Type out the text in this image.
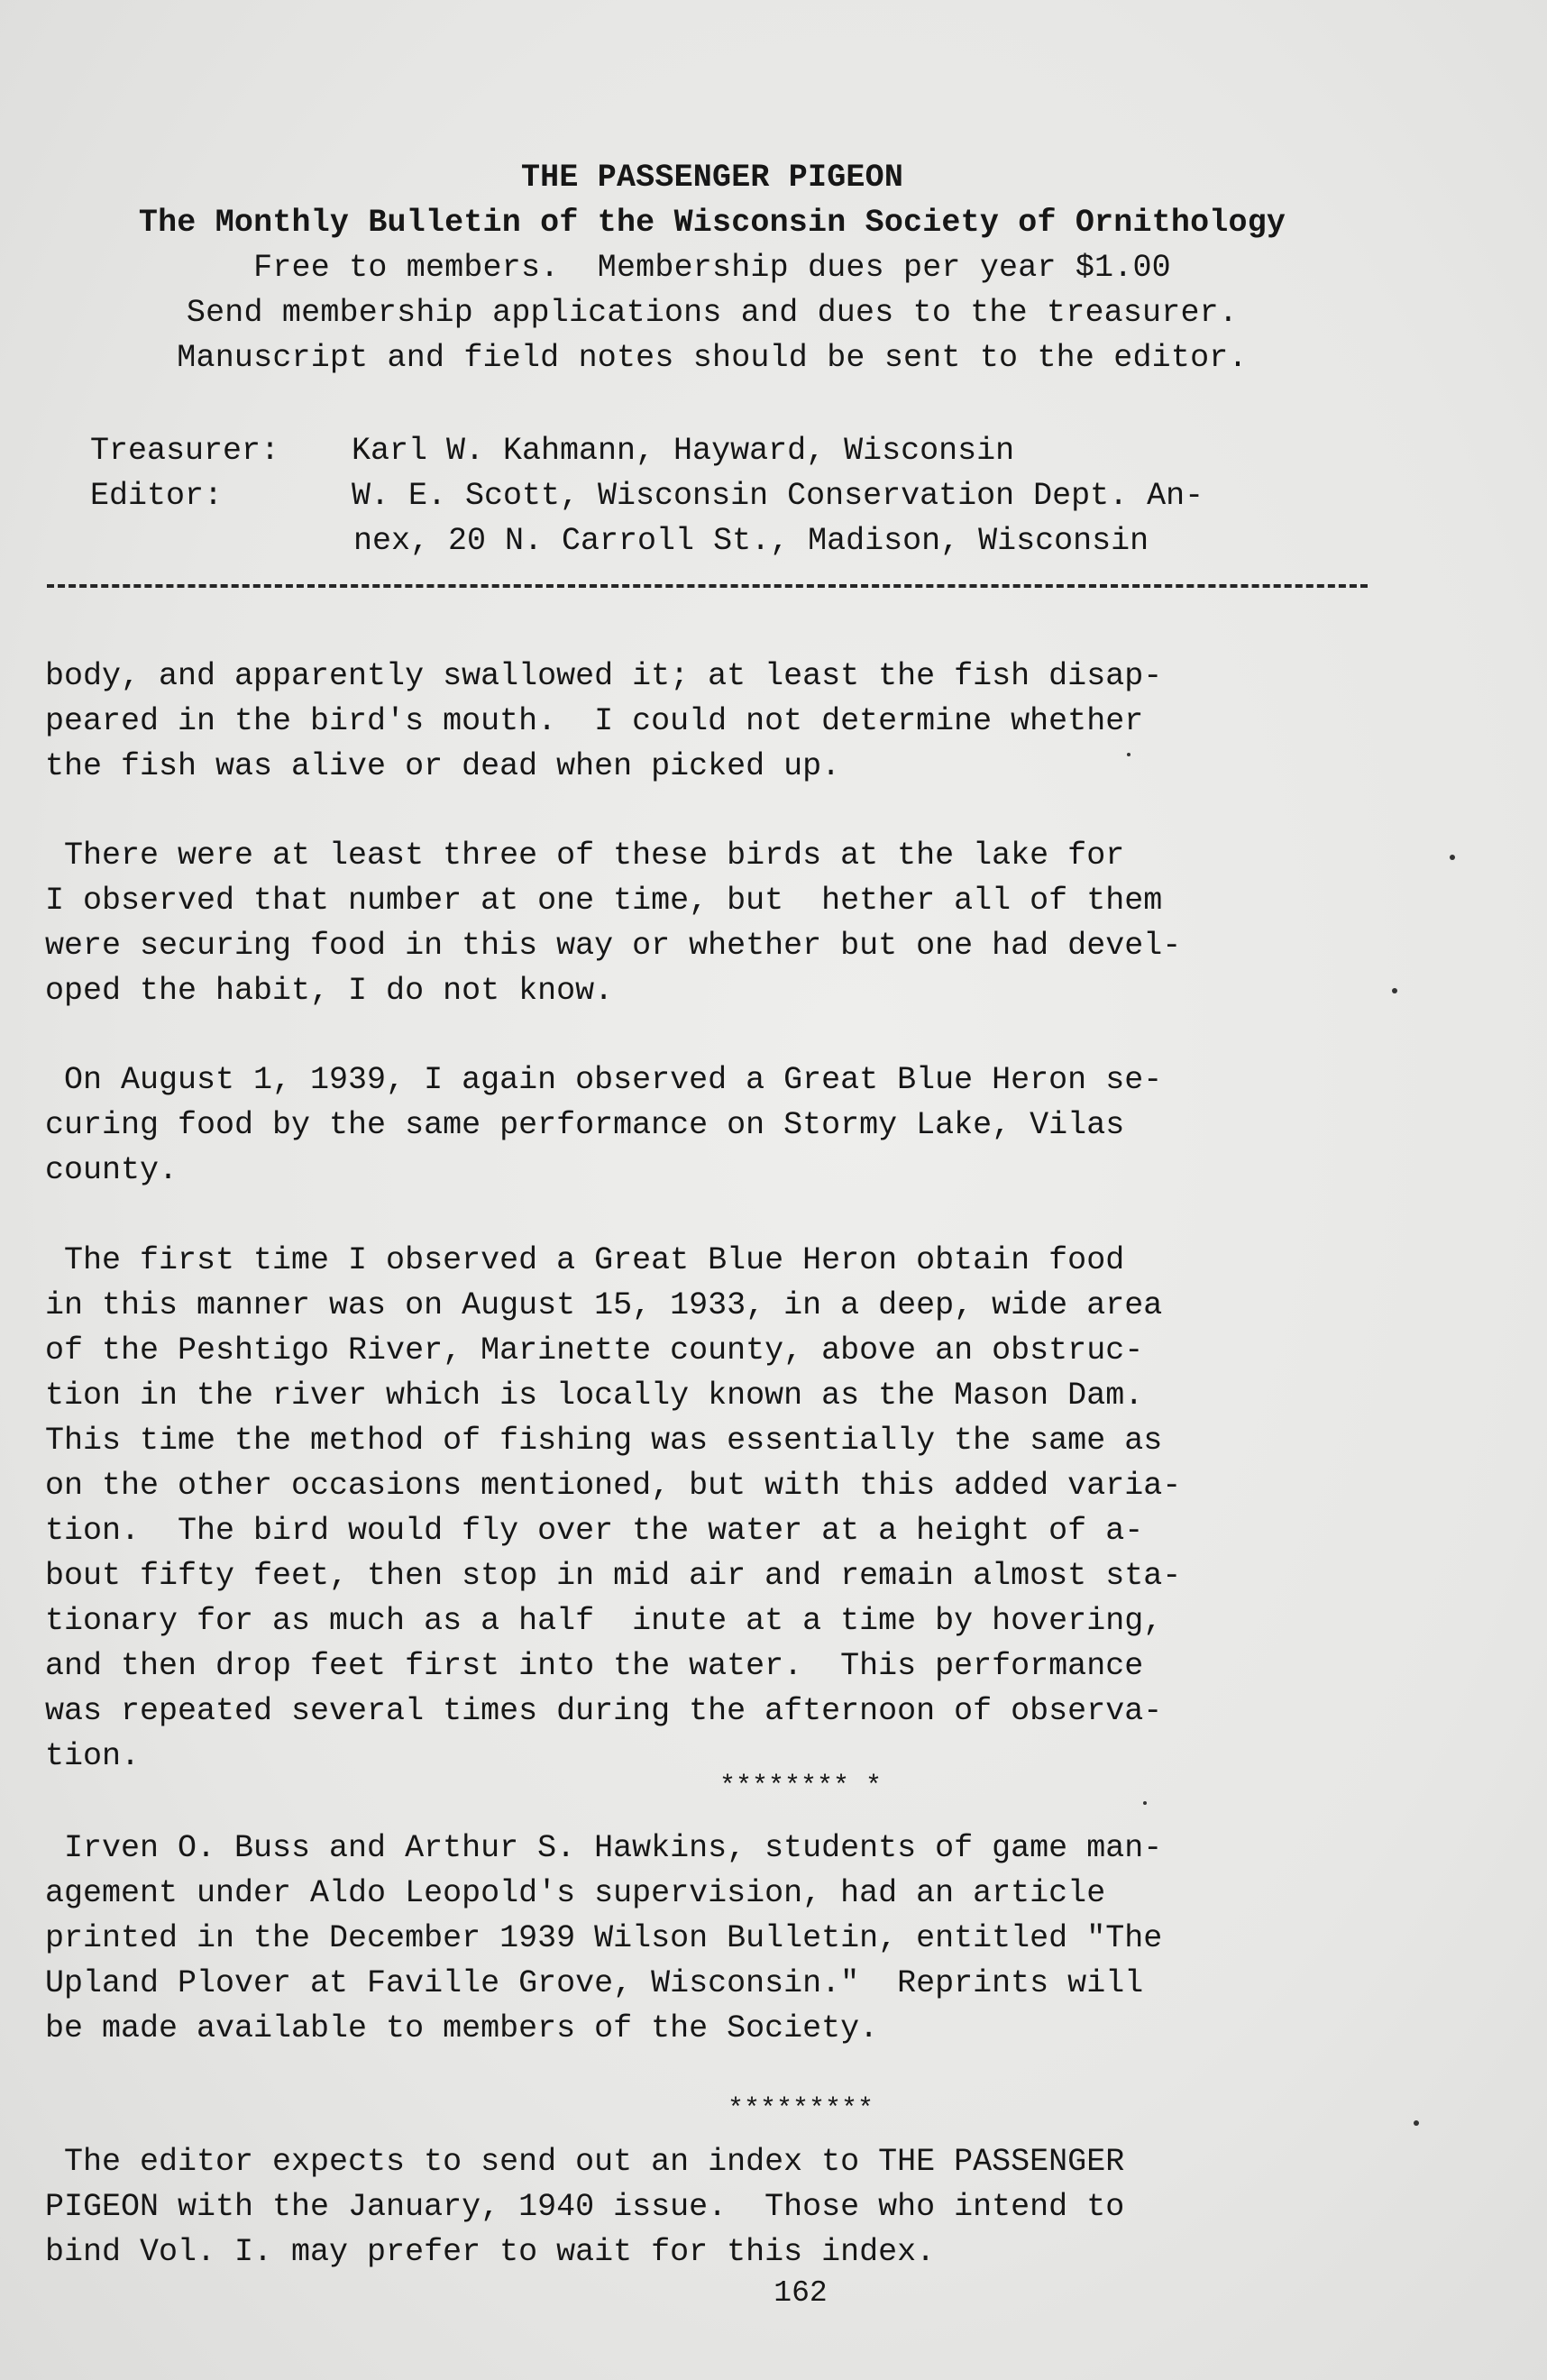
THE PASSENGER PIGEON
The Monthly Bulletin of the Wisconsin Society of Ornithology
Free to members.  Membership dues per year $1.00
Send membership applications and dues to the treasurer.
Manuscript and field notes should be sent to the editor.
Treasurer: Karl W. Kahmann, Hayward, Wisconsin
Editor:	W. E. Scott, Wisconsin Conservation Dept. An-
nex, 20 N. Carroll St., Madison, Wisconsin
body, and apparently swallowed it; at least the fish disap-
peared in the bird's mouth.  I could not determine whether
the fish was alive or dead when picked up.
There were at least three of these birds at the lake for
I observed that number at one time, but  hether all of them
were securing food in this way or whether but one had devel-
oped the habit, I do not know.
On August 1, 1939, I again observed a Great Blue Heron se-
curing food by the same performance on Stormy Lake, Vilas
county.
The first time I observed a Great Blue Heron obtain food
in this manner was on August 15, 1933, in a deep, wide area
of the Peshtigo River, Marinette county, above an obstruc-
tion in the river which is locally known as the Mason Dam.
This time the method of fishing was essentially the same as
on the other occasions mentioned, but with this added varia-
tion.  The bird would fly over the water at a height of a-
bout fifty feet, then stop in mid air and remain almost sta-
tionary for as much as a half  inute at a time by hovering,
and then drop feet first into the water.  This performance
was repeated several times during the afternoon of observa-
tion.
******** *
Irven O. Buss and Arthur S. Hawkins, students of game man-
agement under Aldo Leopold's supervision, had an article
printed in the December 1939 Wilson Bulletin, entitled "The
Upland Plover at Faville Grove, Wisconsin."  Reprints will
be made available to members of the Society.
*********
The editor expects to send out an index to THE PASSENGER
PIGEON with the January, 1940 issue.  Those who intend to
bind Vol. I. may prefer to wait for this index.
162
